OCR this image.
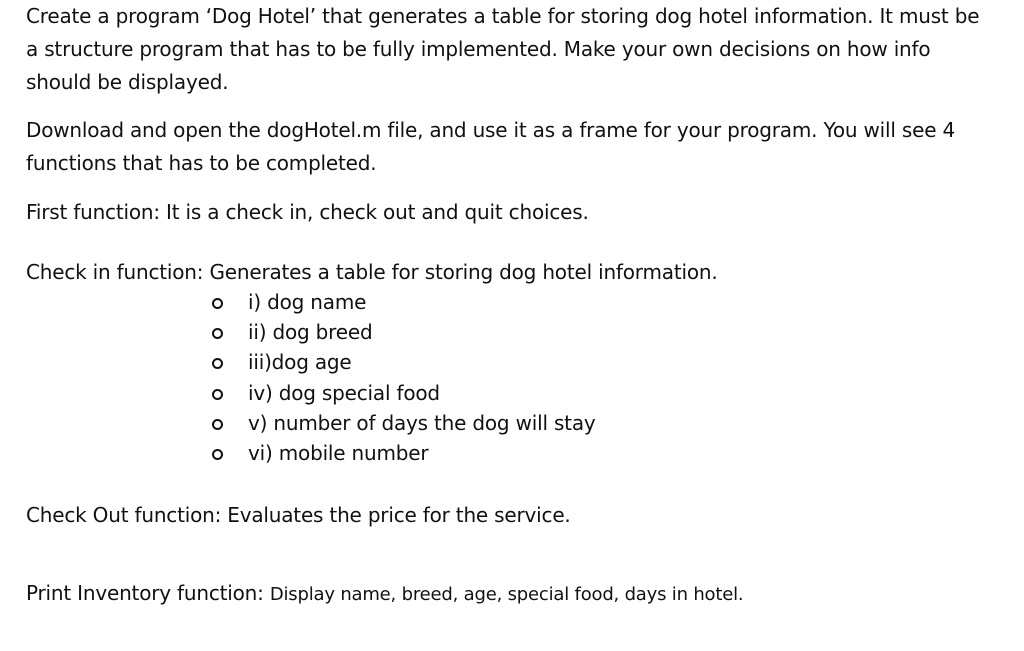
Create a program ‘Dog Hotel’ that generates a table for storing dog hotel information. It must be a structure program that has to be fully implemented. Make your own decisions on how info should be displayed.

Download and open the dogHotel.m file, and use it as a frame for your program. You will see 4 functions that has to be completed.

First function: It is a check in, check out and quit choices.

Check in function: Generates a table for storing dog hotel information.

i) dog name
ii) dog breed
iii)dog age
iv) dog special food
v) number of days the dog will stay
vi) mobile number

Check Out function: Evaluates the price for the service.

Print Inventory function: Display name, breed, age, special food, days in hotel.
